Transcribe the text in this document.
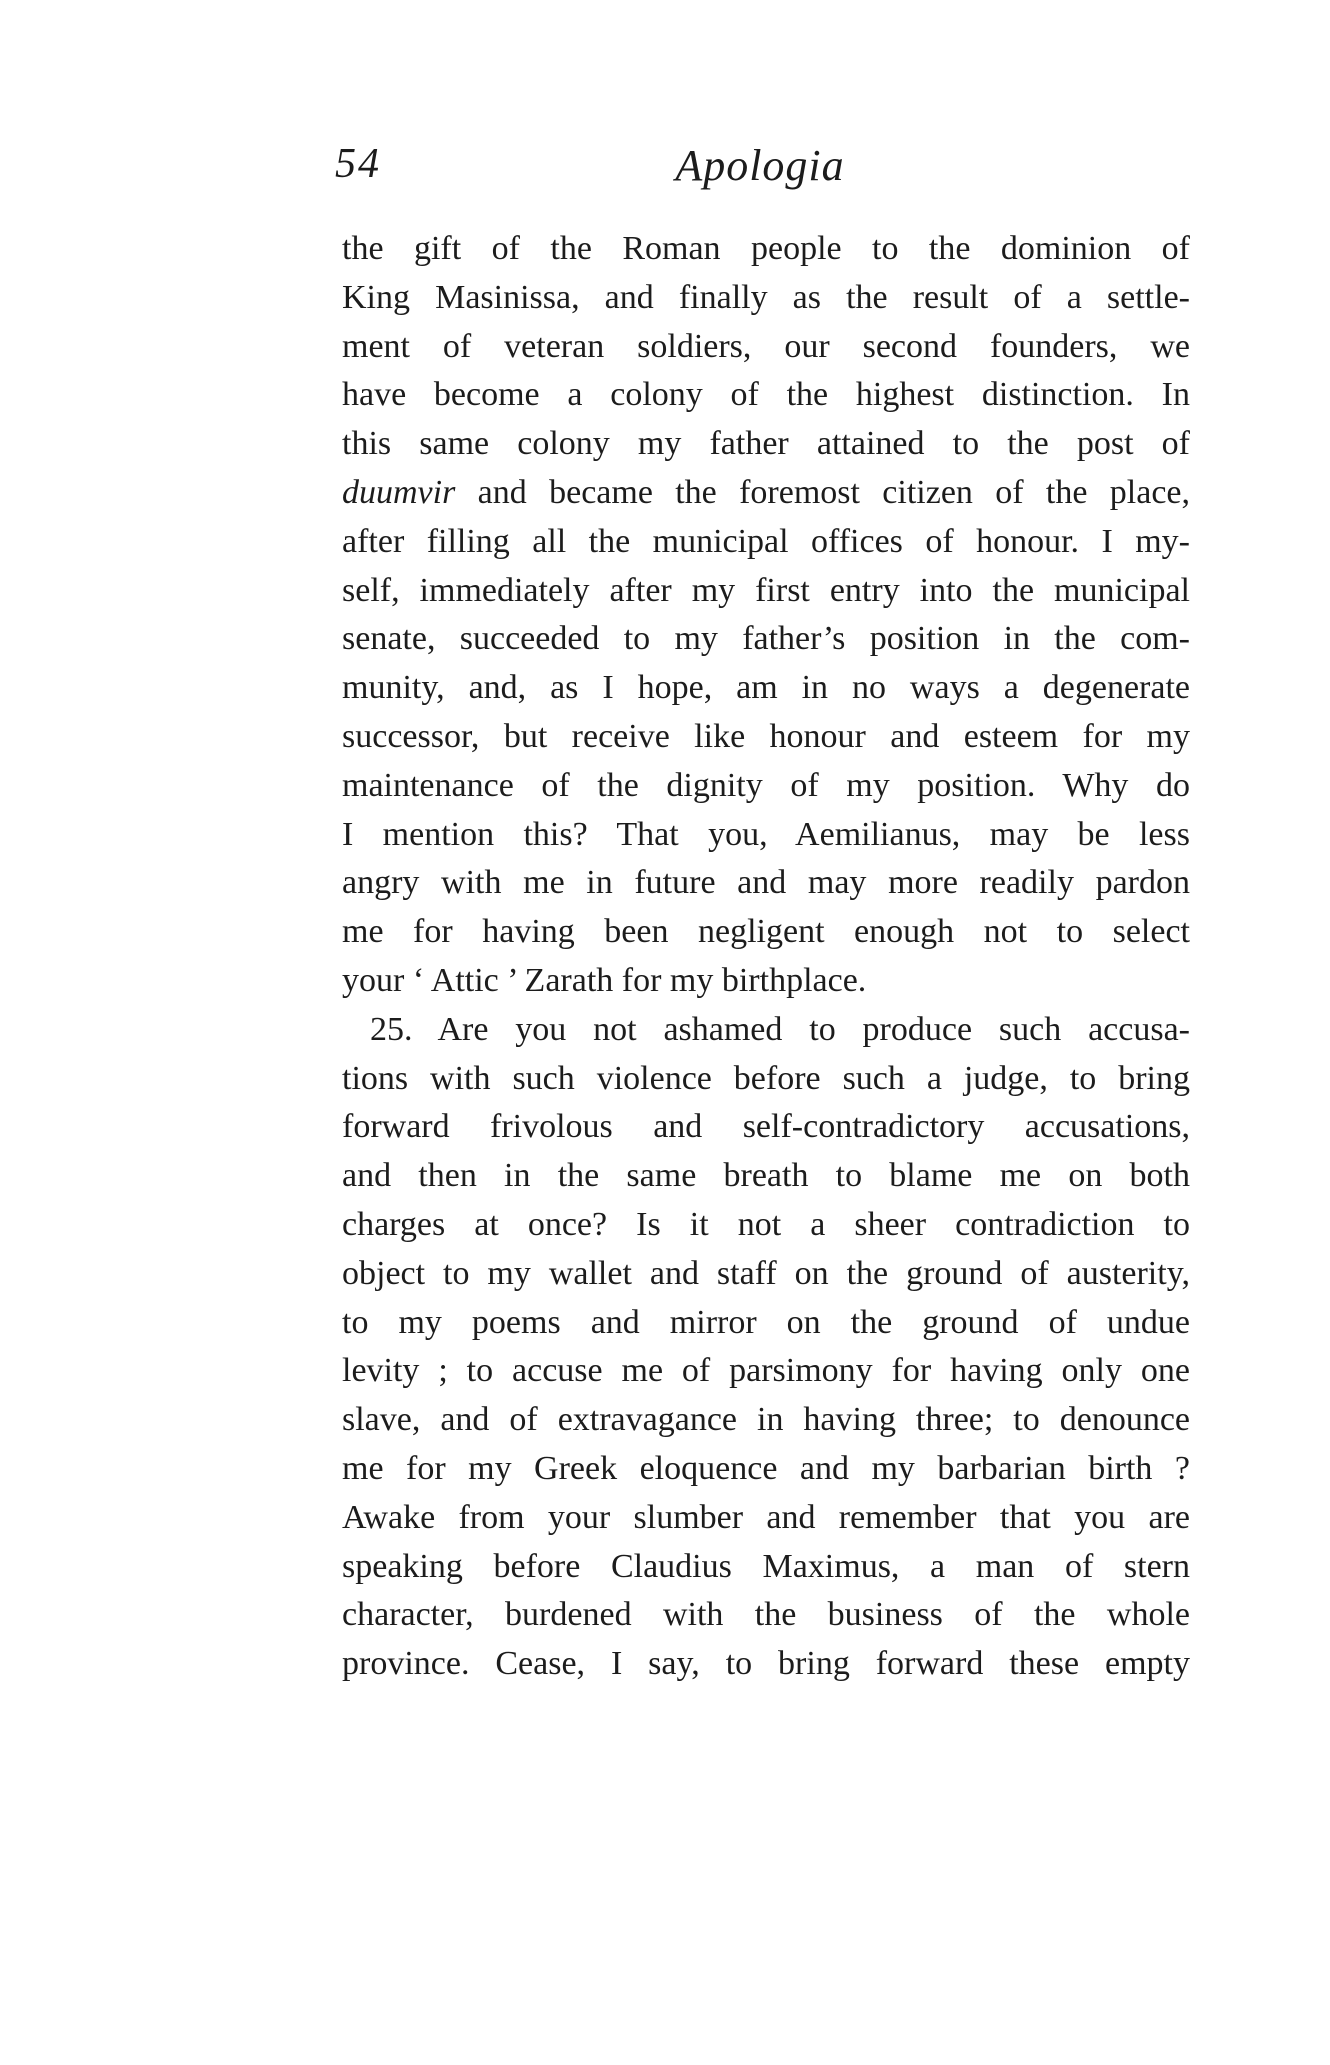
54	Apologia
the gift of the Roman people to the dominion of
King Masinissa, and finally as the result of a settle-
ment of veteran soldiers, our second founders, we
have become a colony of the highest distinction. In
this same colony my father attained to the post of
duumvir and became the foremost citizen of the place,
after filling all the municipal offices of honour. I my-
self, immediately after my first entry into the municipal
senate, succeeded to my father’s position in the com-
munity, and, as I hope, am in no ways a degenerate
successor, but receive like honour and esteem for my
maintenance of the dignity of my position. Why do
I mention this? That you, Aemilianus, may be less
angry with me in future and may more readily pardon
me for having been negligent enough not to select
your ‘ Attic ’ Zarath for my birthplace.
25. Are you not ashamed to produce such accusa-
tions with such violence before such a judge, to bring
forward frivolous and self-contradictory accusations,
and then in the same breath to blame me on both
charges at once? Is it not a sheer contradiction to
object to my wallet and staff on the ground of austerity,
to my poems and mirror on the ground of undue
levity ; to accuse me of parsimony for having only one
slave, and of extravagance in having three; to denounce
me for my Greek eloquence and my barbarian birth ?
Awake from your slumber and remember that you are
speaking before Claudius Maximus, a man of stern
character, burdened with the business of the whole
province. Cease, I say, to bring forward these empty
